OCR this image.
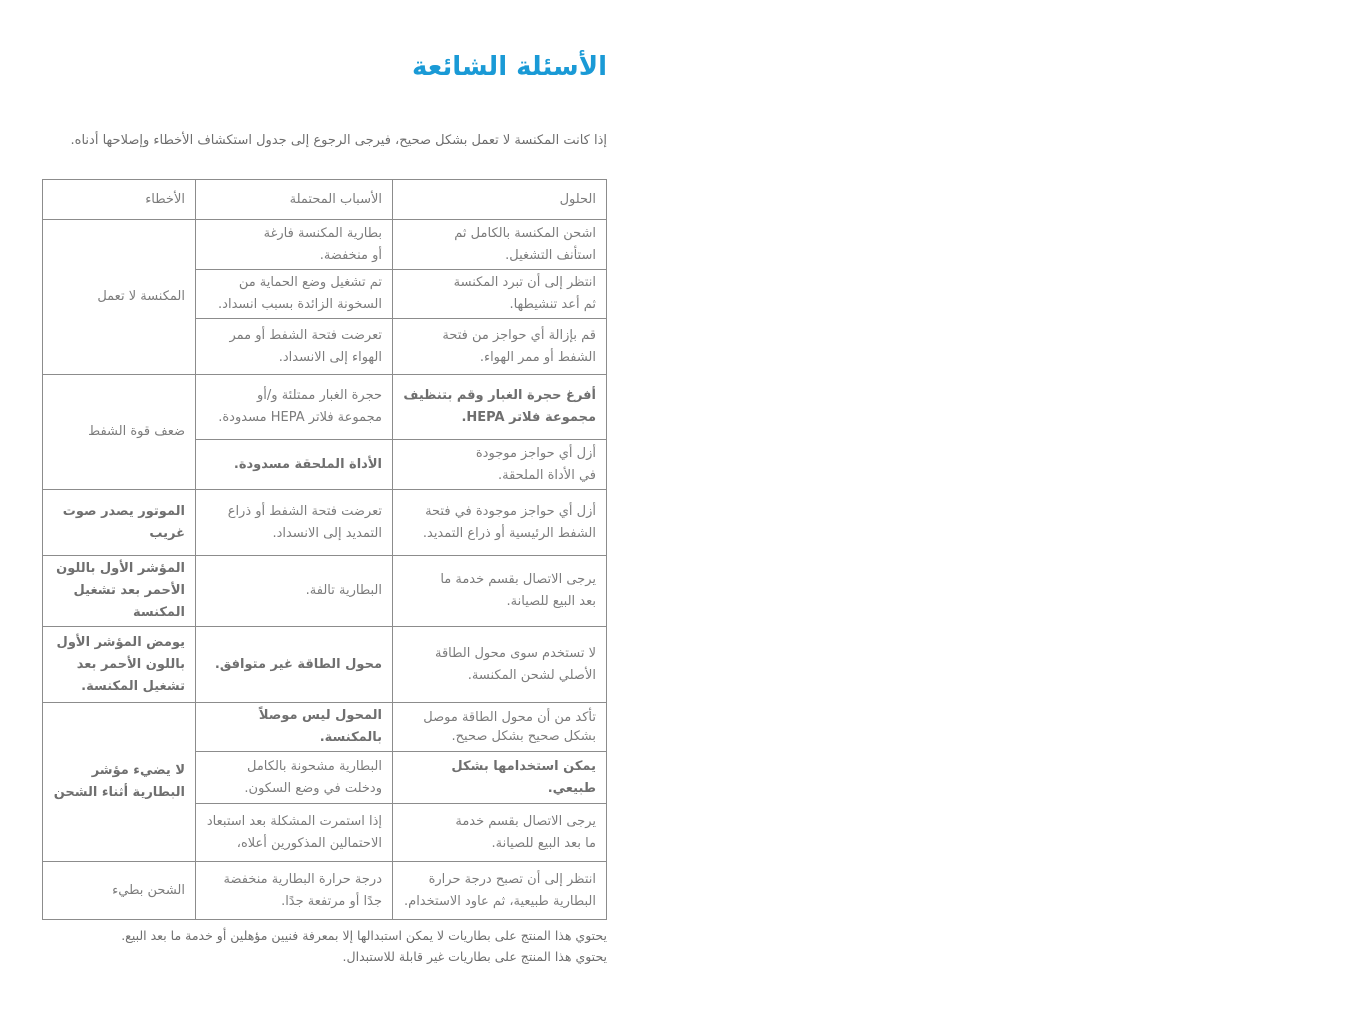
الأسئلة الشائعة

إذا كانت المكنسة لا تعمل بشكل صحيح، فيرجى الرجوع إلى جدول استكشاف الأخطاء وإصلاحها أدناه.

الحلول	الأسباب المحتملة	الأخطاء

اشحن المكنسة بالكامل ثم
استأنف التشغيل.	بطارية المكنسة فارغة
أو منخفضة.	المكنسة لا تعمل

انتظر إلى أن تبرد المكنسة
ثم أعد تنشيطها.	تم تشغيل وضع الحماية من
السخونة الزائدة بسبب انسداد.	

قم بإزالة أي حواجز من فتحة
الشفط أو ممر الهواء.	تعرضت فتحة الشفط أو ممر
الهواء إلى الانسداد.	

أفرغ حجرة الغبار وقم بتنظيف
مجموعة فلاتر HEPA.	حجرة الغبار ممتلئة و/أو
مجموعة فلاتر HEPA مسدودة.	ضعف قوة الشفط

أزل أي حواجز موجودة
في الأداة الملحقة.	الأداة الملحقة مسدودة.	

أزل أي حواجز موجودة في فتحة
الشفط الرئيسية أو ذراع التمديد.	تعرضت فتحة الشفط أو ذراع
التمديد إلى الانسداد.	الموتور يصدر صوت غريب

يرجى الاتصال بقسم خدمة ما
بعد البيع للصيانة.	البطارية تالفة.	المؤشر الأول باللون الأحمر بعد تشغيل المكنسة

لا تستخدم سوى محول الطاقة
الأصلي لشحن المكنسة.	محول الطاقة غير متوافق.	يومض المؤشر الأول باللون الأحمر بعد تشغيل المكنسة.

تأكد من أن محول الطاقة موصل
بشكل صحيح بشكل صحيح.	المحول ليس موصلاً بالمكنسة.	لا يضيء مؤشر البطارية أثناء الشحن

يمكن استخدامها بشكل طبيعي.	البطارية مشحونة بالكامل
ودخلت في وضع السكون.	

يرجى الاتصال بقسم خدمة
ما بعد البيع للصيانة.	إذا استمرت المشكلة بعد استبعاد
الاحتمالين المذكورين أعلاه،	

انتظر إلى أن تصبح درجة حرارة
البطارية طبيعية، ثم عاود الاستخدام.	درجة حرارة البطارية منخفضة
جدًا أو مرتفعة جدًا.	الشحن بطيء

يحتوي هذا المنتج على بطاريات لا يمكن استبدالها إلا بمعرفة فنيين مؤهلين أو خدمة ما بعد البيع.

يحتوي هذا المنتج على بطاريات غير قابلة للاستبدال.
